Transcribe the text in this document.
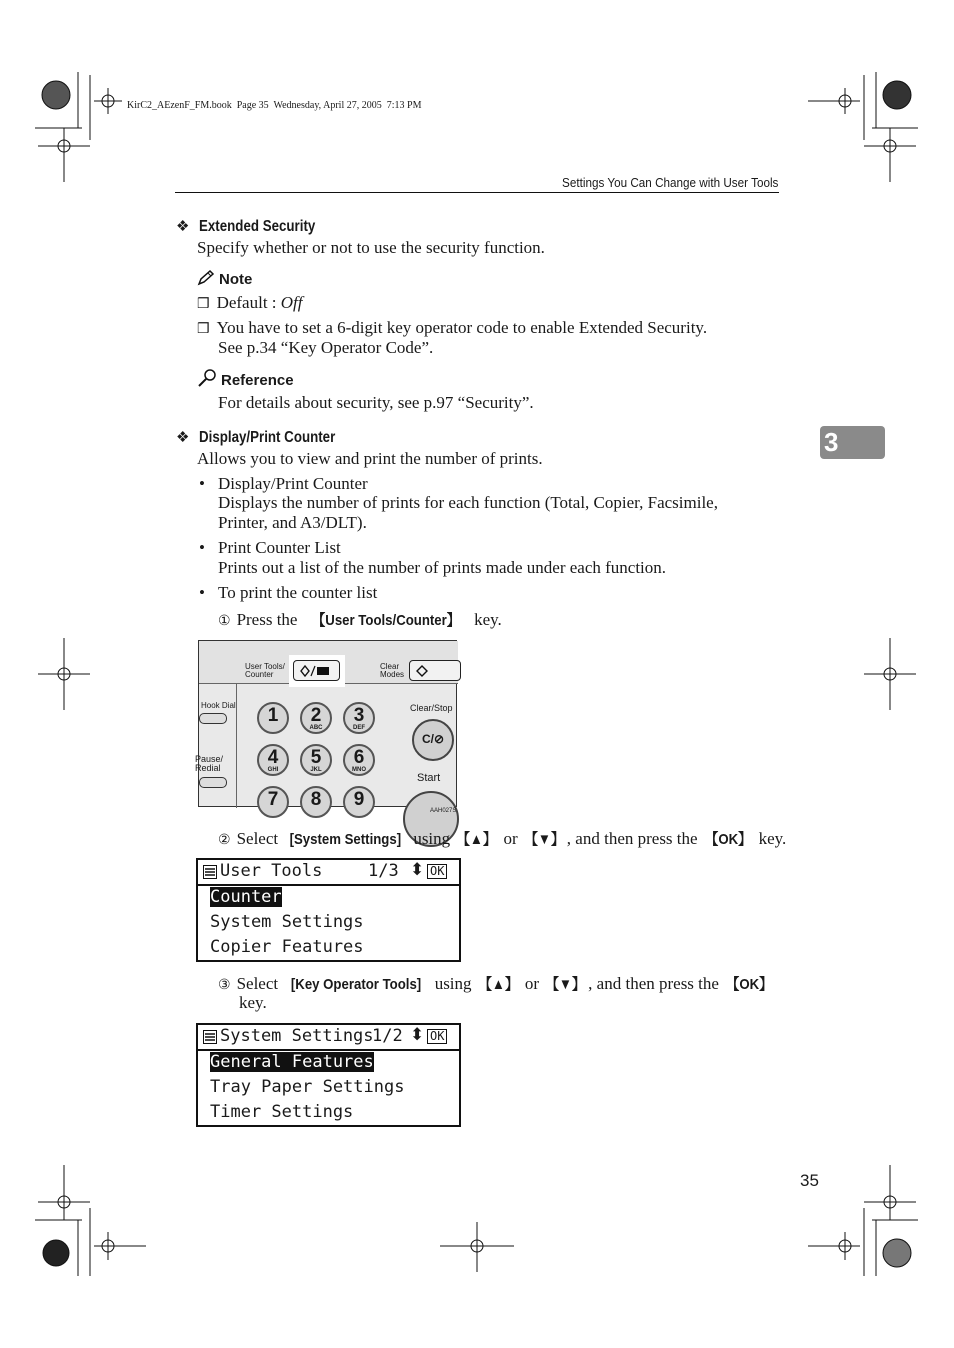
KirC2_AEzenF_FM.book  Page 35  Wednesday, April 27, 2005  7:13 PM
Settings You Can Change with User Tools
3
❖ Extended Security
Specify whether or not to use the security function.
Note
❒ Default : Off
❒ You have to set a 6-digit key operator code to enable Extended Security.
See p.34 “Key Operator Code”.
Reference
For details about security, see p.97 “Security”.
❖ Display/Print Counter
Allows you to view and print the number of prints.
• Display/Print Counter
Displays the number of prints for each function (Total, Copier, Facsimile,
Printer, and A3/DLT).
• Print Counter List
Prints out a list of the number of prints made under each function.
• To print the counter list
① Press the 【User Tools/Counter】 key.
User Tools/
Counter
Clear
Modes
Hook Dial
Pause/
Redial
1	2
ABC
3
DEF
4
GHI
5
JKL
6
MNO
7	8	9
Clear/Stop
C/⊘
Start
AAH027S
② Select [System Settings] using 【▲】 or 【▼】 , and then press the 【OK】 key.
User Tools	1/3 ⬍ OK
Counter
System Settings
Copier Features
③ Select [Key Operator Tools] using 【▲】 or 【▼】 , and then press the 【OK】
key.
System Settings
1/2 ⬍ OK
General Features
Tray Paper Settings
Timer Settings
35
